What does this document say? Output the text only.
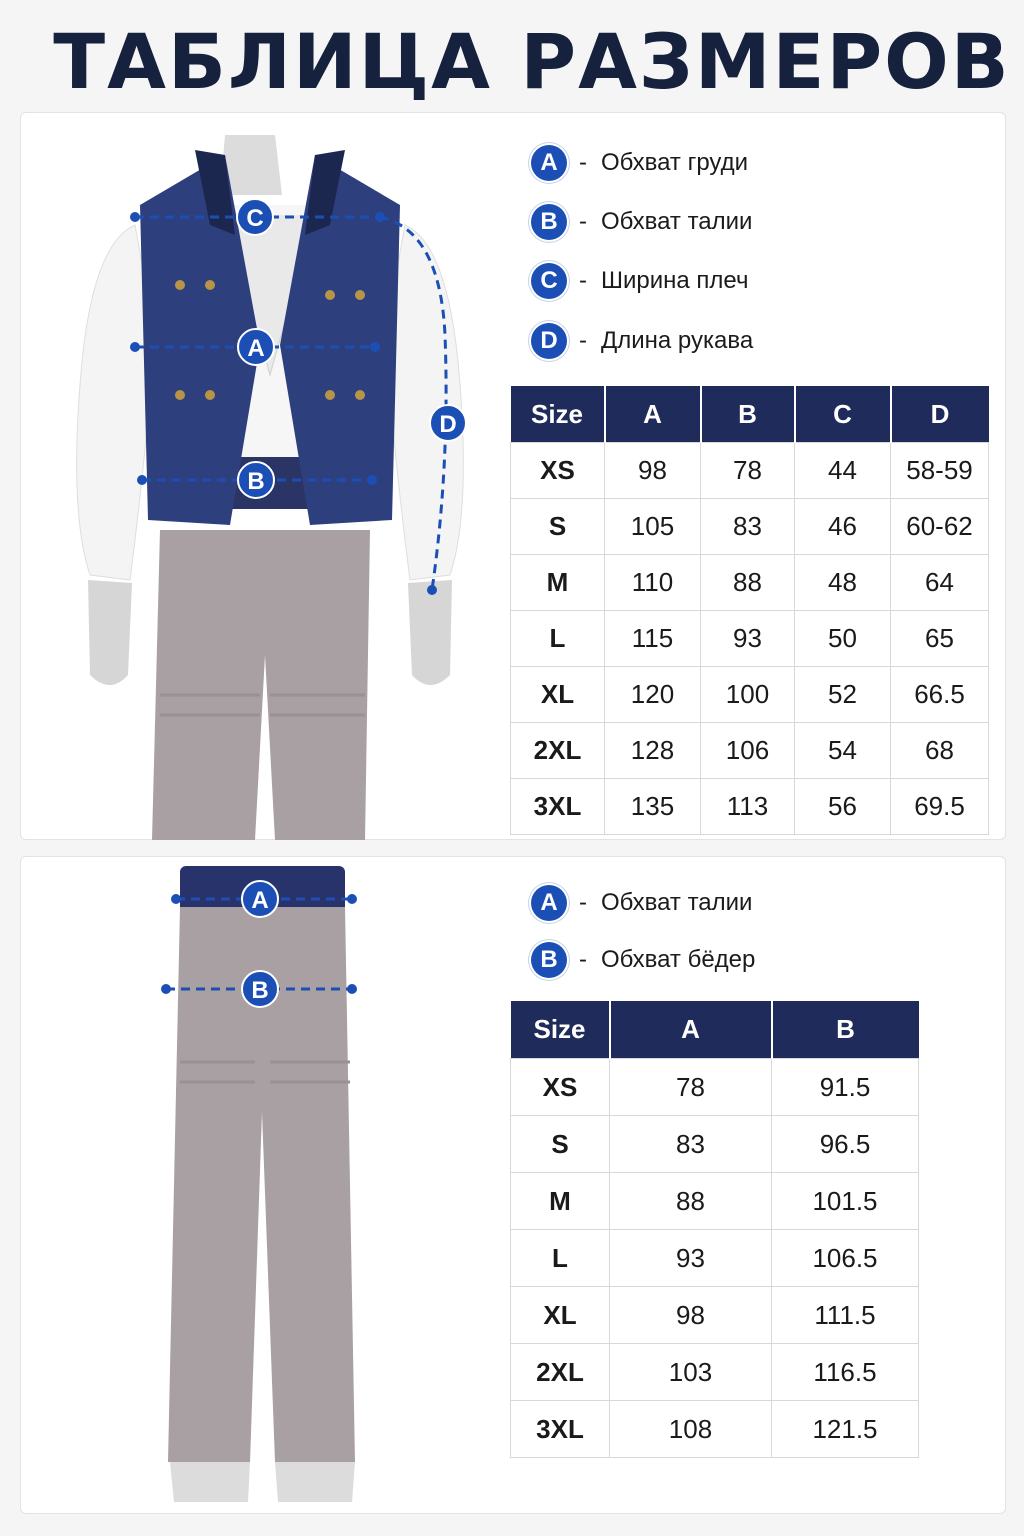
ТАБЛИЦА РАЗМЕРОВ
C
A
B
D
A - Обхват груди
B - Обхват талии
C - Ширина плеч
D - Длина рукава
Size	A	B	C	D
XS	98	78	44	58-59
S	105	83	46	60-62
M	110	88	48	64
L	115	93	50	65
XL	120	100	52	66.5
2XL	128	106	54	68
3XL	135	113	56	69.5
A
B
A - Обхват талии
B - Обхват бёдер
Size	A	B
XS	78	91.5
S	83	96.5
M	88	101.5
L	93	106.5
XL	98	111.5
2XL	103	116.5
3XL	108	121.5
